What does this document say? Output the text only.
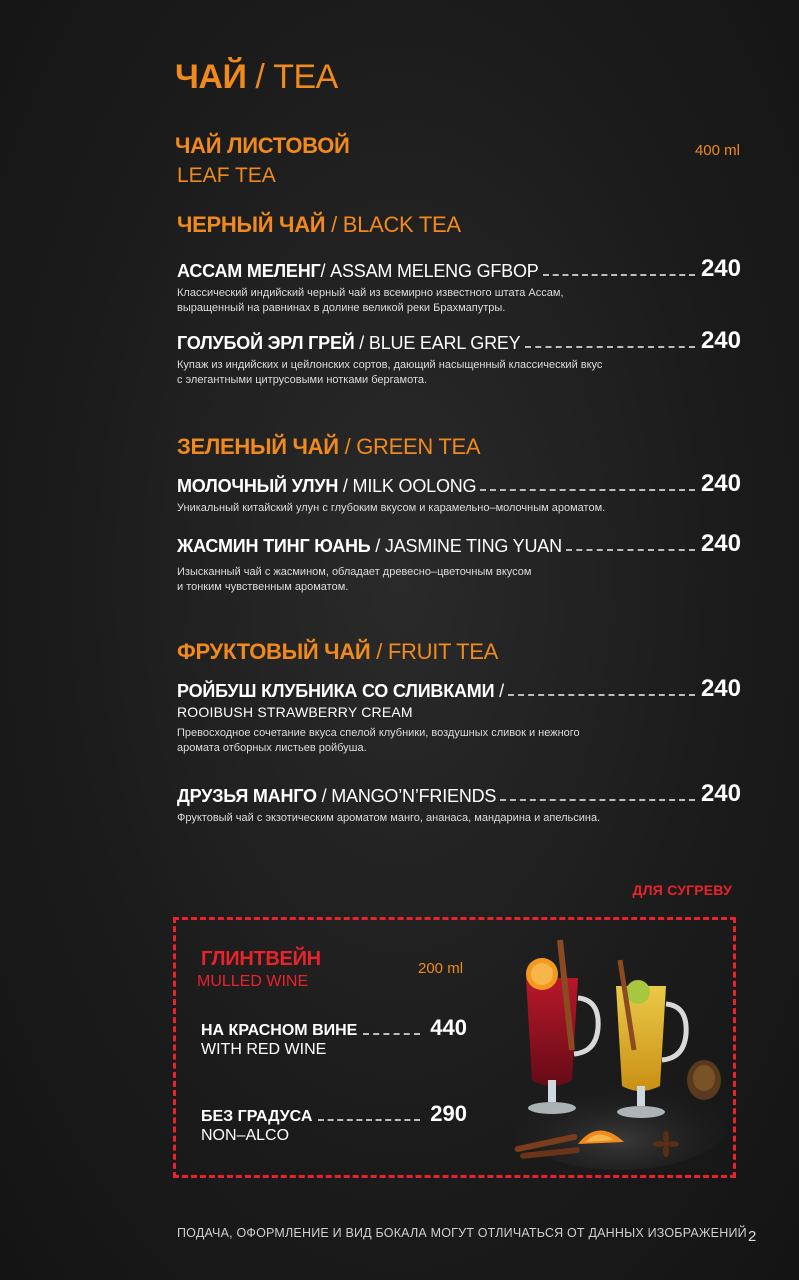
ЧАЙ / TEA
ЧАЙ ЛИСТОВОЙ
LEAF TEA
400 ml
ЧЕРНЫЙ ЧАЙ / BLACK TEA
АССАМ МЕЛЕНГ/ ASSAM MELENG GFBOP	240
Классический индийский черный чай из всемирно известного штата Ассам,
выращенный на равнинах в долине великой реки Брахмапутры.
ГОЛУБОЙ ЭРЛ ГРЕЙ / BLUE EARL GREY	240
Купаж из индийских и цейлонских сортов, дающий насыщенный классический вкус
с элегантными цитрусовыми нотками бергамота.
ЗЕЛЕНЫЙ ЧАЙ / GREEN TEA
МОЛОЧНЫЙ УЛУН / MILK OOLONG	240
Уникальный китайский улун с глубоким вкусом и карамельно–молочным ароматом.
ЖАСМИН ТИНГ ЮАНЬ / JASMINE TING YUAN	240
Изысканный чай с жасмином, обладает древесно–цветочным вкусом
и тонким чувственным ароматом.
ФРУКТОВЫЙ ЧАЙ / FRUIT TEA
РОЙБУШ КЛУБНИКА СО СЛИВКАМИ /	240
ROOIBUSH STRAWBERRY CREAM
Превосходное сочетание вкуса спелой клубники, воздушных сливок и нежного
аромата отборных листьев ройбуша.
ДРУЗЬЯ МАНГО / MANGO’N’FRIENDS	240
Фруктовый чай с экзотическим ароматом манго, ананаса, мандарина и апельсина.
ДЛЯ СУГРЕВУ
ГЛИНТВЕЙН
MULLED WINE
200 ml
НА КРАСНОМ ВИНЕ	440
WITH RED WINE
БЕЗ ГРАДУСА	290
NON–ALCO
ПОДАЧА, ОФОРМЛЕНИЕ И ВИД БОКАЛА МОГУТ ОТЛИЧАТЬСЯ ОТ ДАННЫХ ИЗОБРАЖЕНИЙ 2
